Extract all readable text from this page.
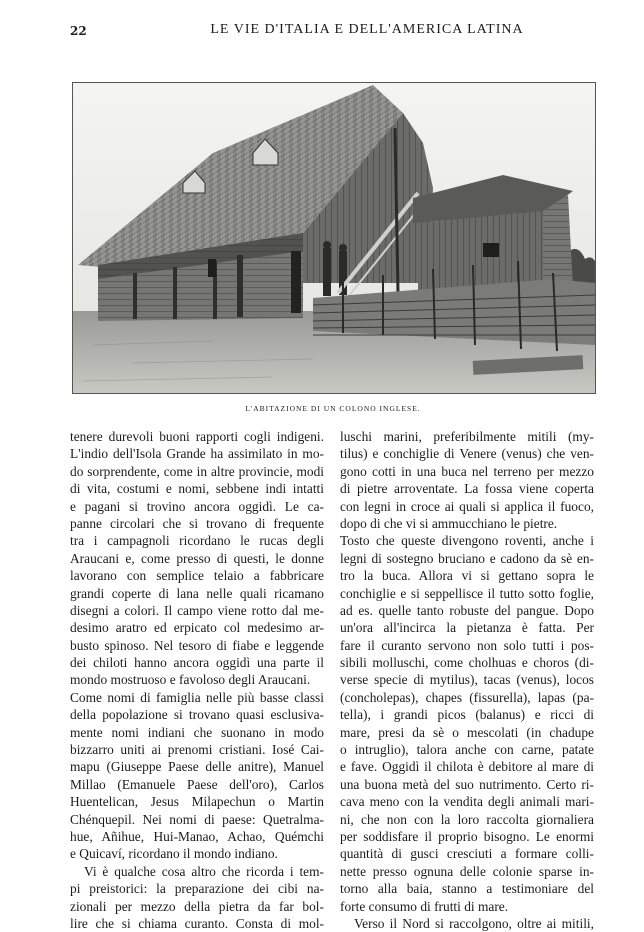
22	LE VIE D'ITALIA E DELL'AMERICA LATINA
L'ABITAZIONE DI UN COLONO INGLESE.
tenere durevoli buoni rapporti cogli indigeni.
L'indio dell'Isola Grande ha assimilato in mo-
do sorprendente, come in altre provincie, modi
di vita, costumi e nomi, sebbene indi intatti
e pagani si trovino ancora oggidì. Le ca-
panne circolari che si trovano di frequente
tra i campagnoli ricordano le rucas degli
Araucani e, come presso di questi, le donne
lavorano con semplice telaio a fabbricare
grandi coperte di lana nelle quali ricamano
disegni a colori. Il campo viene rotto dal me-
desimo aratro ed erpicato col medesimo ar-
busto spinoso. Nel tesoro di fiabe e leggende
dei chiloti hanno ancora oggidì una parte il
mondo mostruoso e favoloso degli Araucani.
Come nomi di famiglia nelle più basse classi
della popolazione si trovano quasi esclusiva-
mente nomi indiani che suonano in modo
bizzarro uniti ai prenomi cristiani. Iosé Cai-
mapu (Giuseppe Paese delle anitre), Manuel
Millao (Emanuele Paese dell'oro), Carlos
Huentelican, Jesus Milapechun o Martin
Chénquepil. Nei nomi di paese: Quetralma-
hue, Añihue, Hui-Manao, Achao, Quémchi
e Quicaví, ricordano il mondo indiano.
Vi è qualche cosa altro che ricorda i tem-
pi preistorici: la preparazione dei cibi na-
zionali per mezzo della pietra da far bol-
lire che si chiama curanto. Consta di mol-
luschi marini, preferibilmente mitili (my-
tilus) e conchiglie di Venere (venus) che ven-
gono cotti in una buca nel terreno per mezzo
di pietre arroventate. La fossa viene coperta
con legni in croce ai quali si applica il fuoco,
dopo di che vi si ammucchiano le pietre.
Tosto che queste divengono roventi, anche i
legni di sostegno bruciano e cadono da sè en-
tro la buca. Allora vi si gettano sopra le
conchiglie e si seppellisce il tutto sotto foglie,
ad es. quelle tanto robuste del pangue. Dopo
un'ora all'incirca la pietanza è fatta. Per
fare il curanto servono non solo tutti i pos-
sibili molluschi, come cholhuas e choros (di-
verse specie di mytilus), tacas (venus), locos
(concholepas), chapes (fissurella), lapas (pa-
tella), i grandi picos (balanus) e ricci di
mare, presi da sè o mescolati (in chadupe
o intruglio), talora anche con carne, patate
e fave. Oggidì il chilota è debitore al mare di
una buona metà del suo nutrimento. Certo ri-
cava meno con la vendita degli animali mari-
ni, che non con la loro raccolta giornaliera
per soddisfare il proprio bisogno. Le enormi
quantità di gusci cresciuti a formare colli-
nette presso ognuna delle colonie sparse in-
torno alla baia, stanno a testimoniare del
forte consumo di frutti di mare.
Verso il Nord si raccolgono, oltre ai mitili,
